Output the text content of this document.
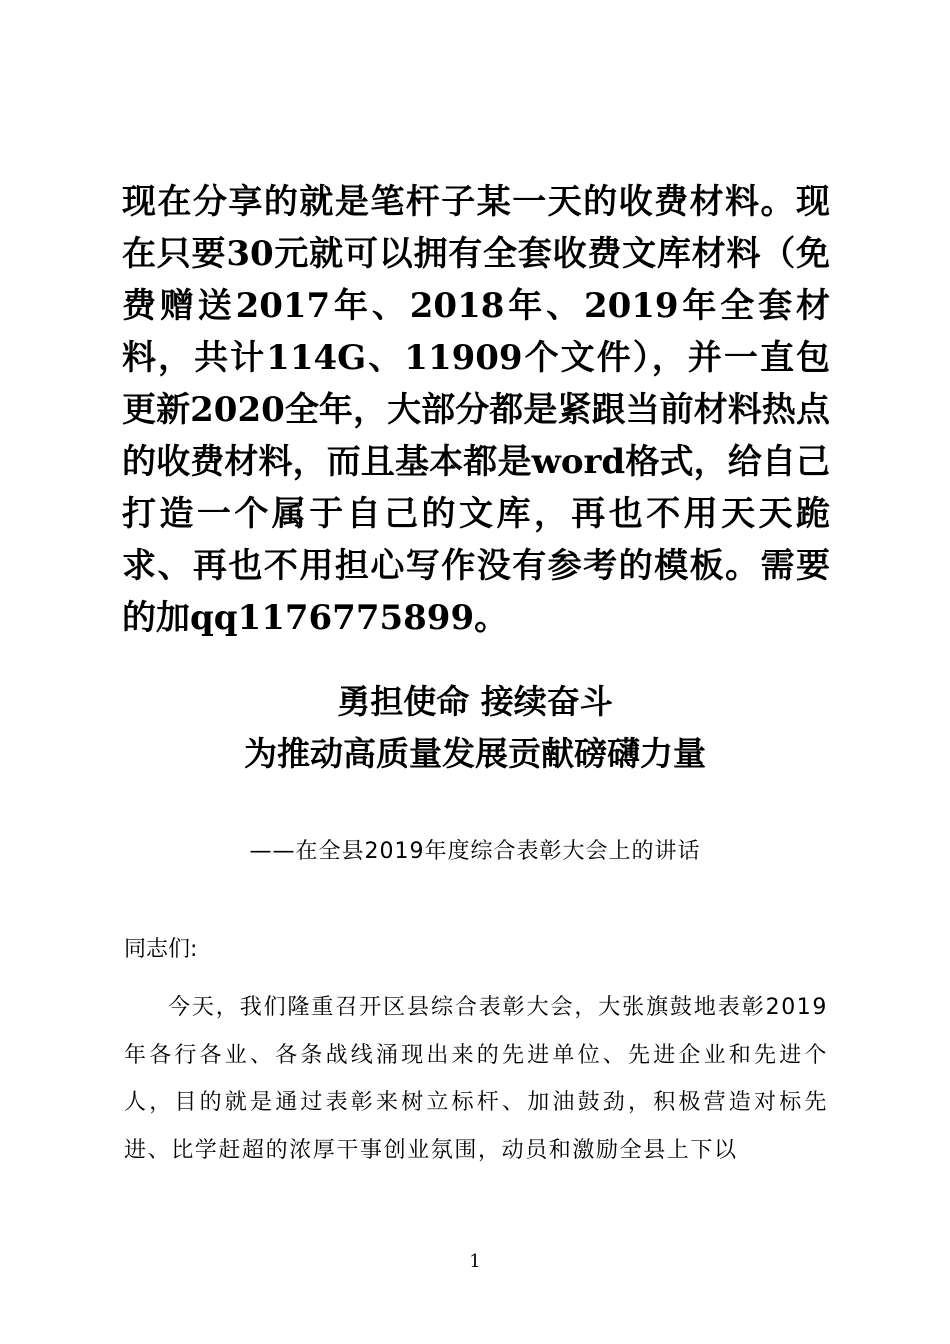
现在分享的就是笔杆子某一天的收费材料。现在只要30元就可以拥有全套收费文库材料（免费赠送2017年、2018年、2019年全套材料，共计114G、11909个文件），并一直包更新2020全年，大部分都是紧跟当前材料热点的收费材料，而且基本都是word格式，给自己打造一个属于自己的文库，再也不用天天跪求、再也不用担心写作没有参考的模板。需要的加qq1176775899。

勇担使命 接续奋斗
为推动高质量发展贡献磅礴力量
——在全县2019年度综合表彰大会上的讲话

同志们:

今天，我们隆重召开区县综合表彰大会，大张旗鼓地表彰2019年各行各业、各条战线涌现出来的先进单位、先进企业和先进个人，目的就是通过表彰来树立标杆、加油鼓劲，积极营造对标先进、比学赶超的浓厚干事创业氛围，动员和激励全县上下以

1
